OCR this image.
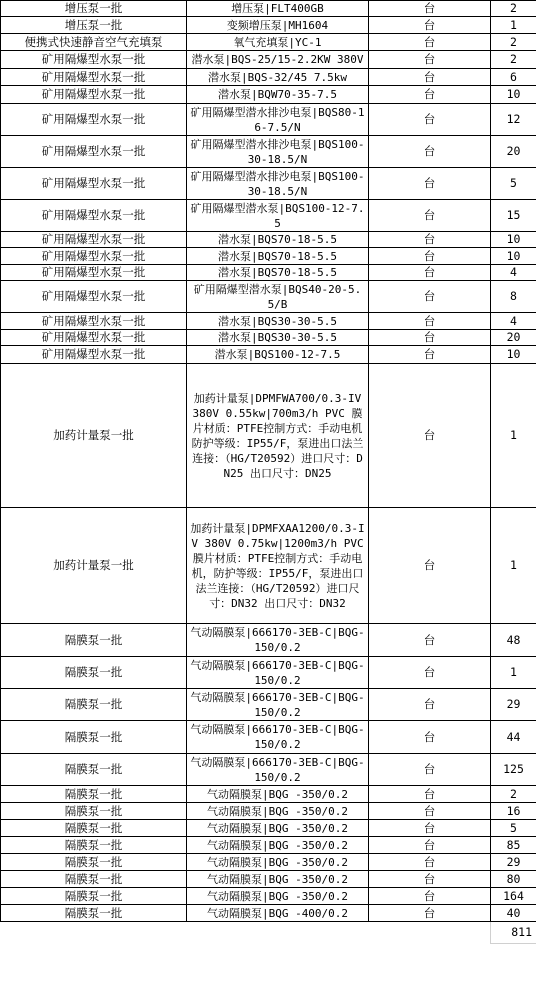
增压泵一批	增压泵|FLT400GB	台	2
增压泵一批	变频增压泵|MH1604	台	1
便携式快速静音空气充填泵	氧气充填泵|YC-1	台	2
矿用隔爆型水泵一批	潜水泵|BQS-25/15-2.2KW 380V	台	2
矿用隔爆型水泵一批	潜水泵|BQS-32/45 7.5kw	台	6
矿用隔爆型水泵一批	潜水泵|BQW70-35-7.5	台	10
矿用隔爆型水泵一批	矿用隔爆型潜水排沙电泵|BQS80-16-7.5/N	台	12
矿用隔爆型水泵一批	矿用隔爆型潜水排沙电泵|BQS100-30-18.5/N	台	20
矿用隔爆型水泵一批	矿用隔爆型潜水排沙电泵|BQS100-30-18.5/N	台	5
矿用隔爆型水泵一批	矿用隔爆型潜水泵|BQS100-12-7.5	台	15
矿用隔爆型水泵一批	潜水泵|BQS70-18-5.5	台	10
矿用隔爆型水泵一批	潜水泵|BQS70-18-5.5	台	10
矿用隔爆型水泵一批	潜水泵|BQS70-18-5.5	台	4
矿用隔爆型水泵一批	矿用隔爆型潜水泵|BQS40-20-5.5/B	台	8
矿用隔爆型水泵一批	潜水泵|BQS30-30-5.5	台	4
矿用隔爆型水泵一批	潜水泵|BQS30-30-5.5	台	20
矿用隔爆型水泵一批	潜水泵|BQS100-12-7.5	台	10
加药计量泵一批	加药计量泵|DPMFWA700/0.3-IV 380V 0.55kw|700m3/h PVC 膜片材质：PTFE控制方式：手动电机防护等级：IP55/F，泵进出口法兰连接：（HG/T20592）进口尺寸：DN25 出口尺寸：DN25	台	1
加药计量泵一批	加药计量泵|DPMFXAA1200/0.3-IV 380V 0.75kw|1200m3/h PVC 膜片材质：PTFE控制方式：手动电机，防护等级：IP55/F，泵进出口法兰连接：（HG/T20592）进口尺寸：DN32 出口尺寸：DN32	台	1
隔膜泵一批	气动隔膜泵|666170-3EB-C|BQG-150/0.2	台	48
隔膜泵一批	气动隔膜泵|666170-3EB-C|BQG-150/0.2	台	1
隔膜泵一批	气动隔膜泵|666170-3EB-C|BQG-150/0.2	台	29
隔膜泵一批	气动隔膜泵|666170-3EB-C|BQG-150/0.2	台	44
隔膜泵一批	气动隔膜泵|666170-3EB-C|BQG-150/0.2	台	125
隔膜泵一批	气动隔膜泵|BQG -350/0.2	台	2
隔膜泵一批	气动隔膜泵|BQG -350/0.2	台	16
隔膜泵一批	气动隔膜泵|BQG -350/0.2	台	5
隔膜泵一批	气动隔膜泵|BQG -350/0.2	台	85
隔膜泵一批	气动隔膜泵|BQG -350/0.2	台	29
隔膜泵一批	气动隔膜泵|BQG -350/0.2	台	80
隔膜泵一批	气动隔膜泵|BQG -350/0.2	台	164
隔膜泵一批	气动隔膜泵|BQG -400/0.2	台	40
			811
